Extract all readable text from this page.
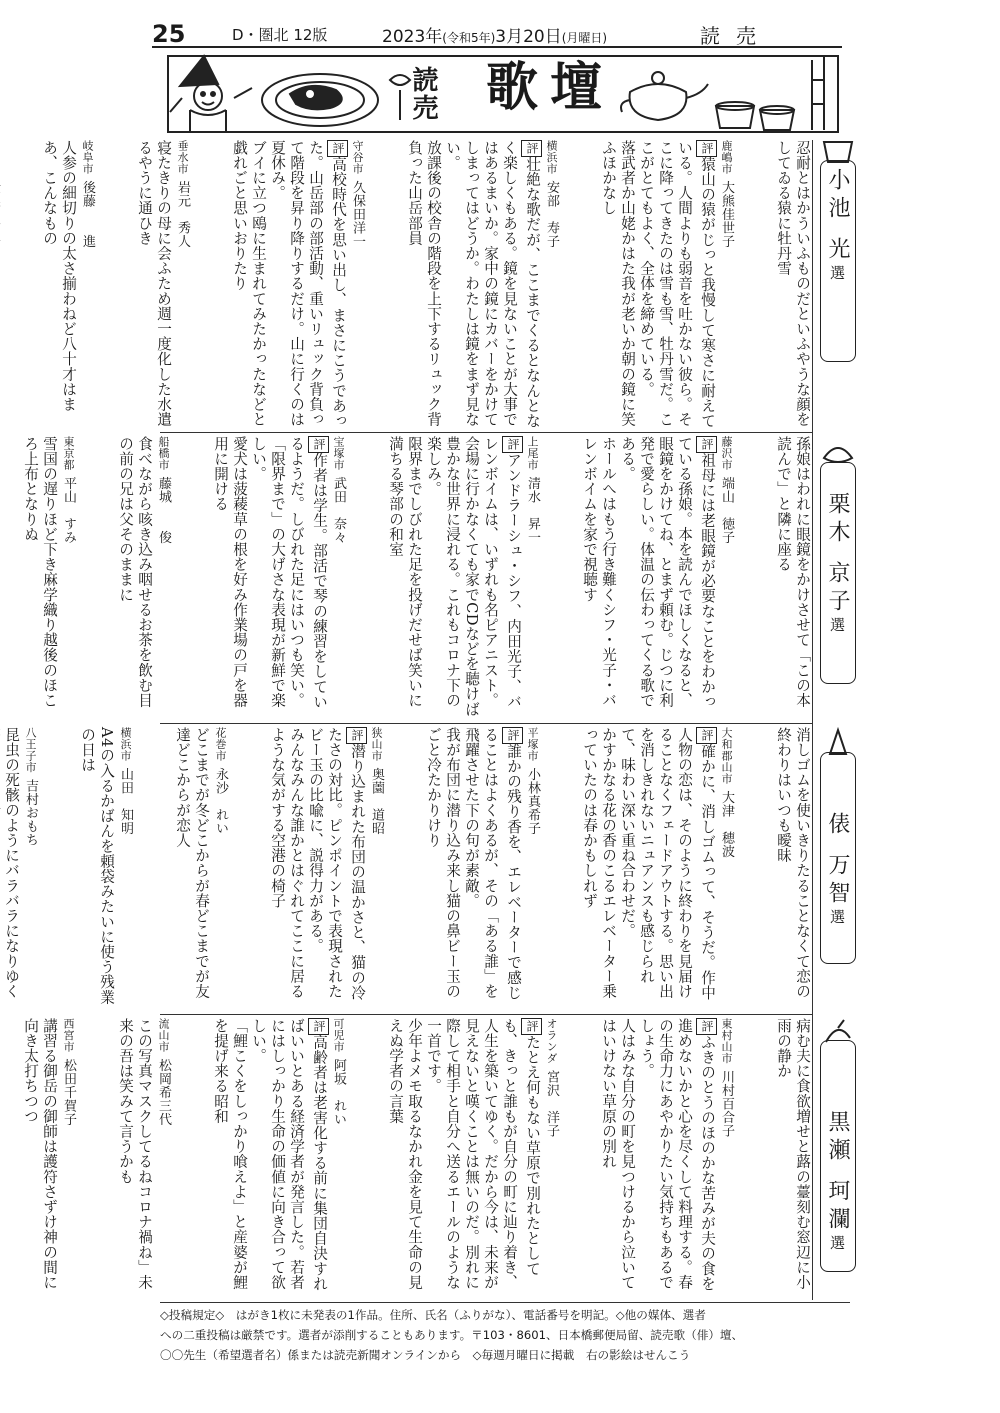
25	D・圏北 12版	2023年(令和5年)3月20日(月曜日)	読売
読売 歌壇
小池 光選
栗木 京子選
俵 万智選
黒瀬 珂瀾選
忍耐とはかういふものだといふやうな顔をしてゐる猿に牡丹雪
鹿嶋市大熊佳世子
評猿山の猿がじっと我慢して寒さに耐えている。人間よりも弱音を吐かない彼ら。そこに降ってきたのは雪も雪、牡丹雪だ。ここがとてもよく、全体を締めている。
落武者か山姥かはた我が老いか朝の鏡に笑ふほかなし
横浜市安部　寿子
評壮絶な歌だが、ここまでくるとなんとなく楽しくもある。鏡を見ないことが大事ではあるまいか。家中の鏡にカバーをかけてしまってはどうか。わたしは鏡をまず見ない。
放課後の校舎の階段を上下するリュック背負った山岳部員
守谷市久保田洋一
評高校時代を思い出し、まさにこうであった。山岳部の部活動、重いリュック背負って階段を昇り降りするだけ。山に行くのは夏休み。
ブイに立つ鴎に生まれてみたかったなどと戯れごと思いおりたり
垂水市岩元　秀人
寝たきりの母に会ふため週一度化した水遣るやうに通ひき
岐阜市後藤　　進
人参の細切りの太さ揃わねど八十才はまあ、こんなもの
孫娘はわれに眼鏡をかけさせて「この本読んで」と隣に座る
藤沢市端山　徳子
評祖母には老眼鏡が必要なことをわかっている孫娘。本を読んでほしくなると、眼鏡をかけてね、とまず頼む。じつに利発で愛らしい。体温の伝わってくる歌である。
ホールへはもう行き難くシフ・光子・バレンボイムを家で視聴す
上尾市清水　昇一
評アンドラーシュ・シフ、内田光子、バレンボイムは、いずれも名ピアニスト。会場に行かなくても家でCDなどを聴けば豊かな世界に浸れる。これもコロナ下の楽しみ。
限界までしびれた足を投げだせば笑いに満ちる琴部の和室
宝塚市武田　奈々
評作者は学生。部活で琴の練習をしているようだ。しびれた足にはいつも笑い。「限界まで」の大げさな表現が新鮮で楽しい。
愛犬は菠薐草の根を好み作業場の戸を器用に開ける
船橋市藤城　　俊
食べながら咳き込み咽せるお茶を飲む目の前の兄は父そのままに
東京都平山　すみ
雪国の遅りほど下き麻学織り越後のほころ上布となりぬ
消しゴムを使いきりたることなくて恋の終わりはいつも曖昧
大和郡山市大津　穂波
評確かに、消しゴムって、そうだ。作中人物の恋は、そのように終わりを見届けることなくフェードアウトする。思い出を消しきれないニュアンスも感じられて、味わい深い重ね合わせだ。
かすかなる花の香のこるエレベーター乗っていたのは春かもしれず
平塚市小林真希子
評誰かの残り香を、エレベーターで感じることはよくあるが、その「ある誰」を飛躍させた下の句が素敵。
我が布団に潜り込み来し猫の鼻ビー玉のごと冷たかりけり
狭山市奥薗　道昭
評潜り込まれた布団の温かさと、猫の冷たさの対比。ピンポイントで表現されたビー玉の比喩に、説得力がある。
みんなみんな誰かとはぐれてここに居るような気がする空港の椅子
花巻市永沙　れい
どこまでが冬どこからが春どこまでが友達どこからが恋人
横浜市山田　知明
A4の入るかばんを頼袋みたいに使う残業の日は
八王子市吉村おもち
昆虫の死骸のようにバラバラになりゆく
病む夫に食欲増せと蕗の薹刻む窓辺に小雨の静か
東村山市川村百合子
評ふきのとうのほのかな苦みが夫の食を進めないかと心を尽くして料理する。春の生命力にあやかりたい気持ちもあるでしょう。
人はみな自分の町を見つけるから泣いてはいけない草原の別れ
オランダ宮沢　洋子
評たとえ何もない草原で別れたとしても、きっと誰もが自分の町に辿り着き、人生を築いてゆく。だから今は、未来が見えないと嘆くことは無いのだ。別れに際して相手と自分へ送るエールのような一首です。
少年よメモ取るなかれ金を見て生命の見えぬ学者の言葉
可児市阿坂　れい
評高齢者は老害化する前に集団自決すればいいとある経済学者が発言した。若者にはしっかり生命の価値に向き合って欲しい。
「鯉こくをしっかり喰えよ」と産婆が鯉を提げ来る昭和
流山市松岡希三代
この写真マスクしてるねコロナ禍ね」未来の吾は笑みて言うかも
西宮市松田千賀子
講習る御岳の御師は護符さずけ神の間に向き太打ちつつ
◇投稿規定◇　はがき1枚に未発表の1作品。住所、氏名（ふりがな）、電話番号を明記。◇他の媒体、選者
への二重投稿は厳禁です。選者が添削することもあります。〒103・8601、日本橋郵便局留、読売歌（俳）壇、
〇〇先生（希望選者名）係または読売新聞オンラインから　◇毎週月曜日に掲載　右の影絵はせんこう
